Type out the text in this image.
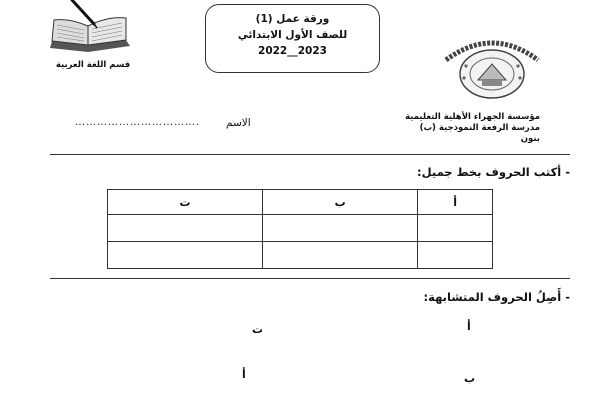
ورقة عمل (1)
للصف الأول الابتدائي
2023__2022
قسم اللغة العربية
مؤسسة الجهراء الأهلية التعليمية
مدرسة الرفعة النموذجية (ب) بنون
الاسم
…………………………….
- أكتب الحروف بخط جميل:
ت	ب	أ

- أَصِلُ الحروف المتشابهة:
أ
ت
ب
أ
